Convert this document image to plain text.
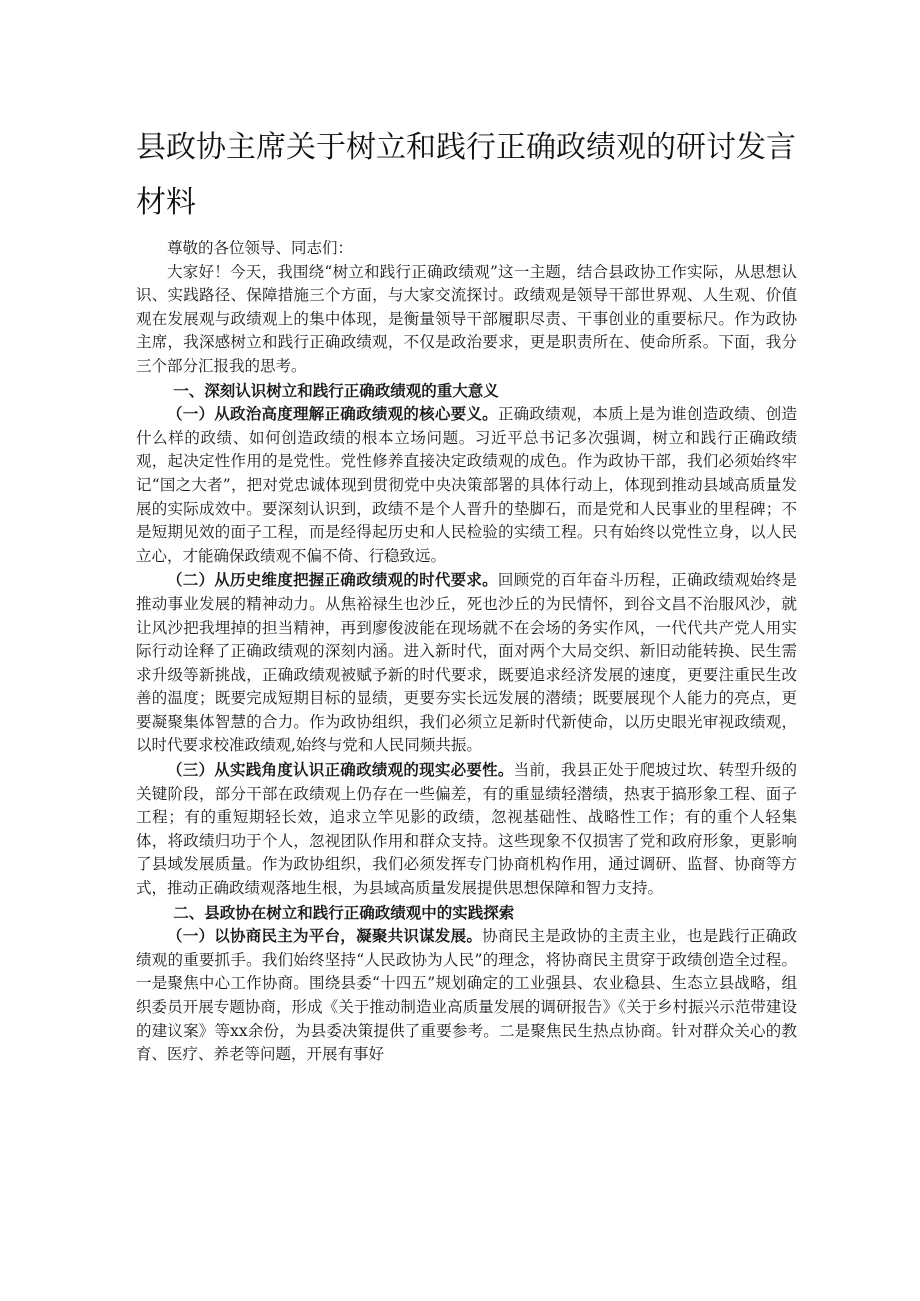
县政协主席关于树立和践行正确政绩观的研讨发言材料

尊敬的各位领导、同志们：

大家好！今天，我围绕“树立和践行正确政绩观”这一主题，结合县政协工作实际，从思想认识、实践路径、保障措施三个方面，与大家交流探讨。政绩观是领导干部世界观、人生观、价值观在发展观与政绩观上的集中体现，是衡量领导干部履职尽责、干事创业的重要标尺。作为政协主席，我深感树立和践行正确政绩观，不仅是政治要求，更是职责所在、使命所系。下面，我分三个部分汇报我的思考。

一、深刻认识树立和践行正确政绩观的重大意义

（一）从政治高度理解正确政绩观的核心要义。正确政绩观，本质上是为谁创造政绩、创造什么样的政绩、如何创造政绩的根本立场问题。习近平总书记多次强调，树立和践行正确政绩观，起决定性作用的是党性。党性修养直接决定政绩观的成色。作为政协干部，我们必须始终牢记“国之大者”，把对党忠诚体现到贯彻党中央决策部署的具体行动上，体现到推动县域高质量发展的实际成效中。要深刻认识到，政绩不是个人晋升的垫脚石，而是党和人民事业的里程碑；不是短期见效的面子工程，而是经得起历史和人民检验的实绩工程。只有始终以党性立身，以人民立心，才能确保政绩观不偏不倚、行稳致远。

（二）从历史维度把握正确政绩观的时代要求。回顾党的百年奋斗历程，正确政绩观始终是推动事业发展的精神动力。从焦裕禄生也沙丘，死也沙丘的为民情怀，到谷文昌不治服风沙，就让风沙把我埋掉的担当精神，再到廖俊波能在现场就不在会场的务实作风，一代代共产党人用实际行动诠释了正确政绩观的深刻内涵。进入新时代，面对两个大局交织、新旧动能转换、民生需求升级等新挑战，正确政绩观被赋予新的时代要求，既要追求经济发展的速度，更要注重民生改善的温度；既要完成短期目标的显绩，更要夯实长远发展的潜绩；既要展现个人能力的亮点，更要凝聚集体智慧的合力。作为政协组织，我们必须立足新时代新使命，以历史眼光审视政绩观，以时代要求校准政绩观,始终与党和人民同频共振。

（三）从实践角度认识正确政绩观的现实必要性。当前，我县正处于爬坡过坎、转型升级的关键阶段，部分干部在政绩观上仍存在一些偏差，有的重显绩轻潜绩，热衷于搞形象工程、面子工程；有的重短期轻长效，追求立竿见影的政绩，忽视基础性、战略性工作；有的重个人轻集体，将政绩归功于个人，忽视团队作用和群众支持。这些现象不仅损害了党和政府形象，更影响了县域发展质量。作为政协组织，我们必须发挥专门协商机构作用，通过调研、监督、协商等方式，推动正确政绩观落地生根，为县域高质量发展提供思想保障和智力支持。

二、县政协在树立和践行正确政绩观中的实践探索

（一）以协商民主为平台，凝聚共识谋发展。协商民主是政协的主责主业，也是践行正确政绩观的重要抓手。我们始终坚持“人民政协为人民”的理念，将协商民主贯穿于政绩创造全过程。一是聚焦中心工作协商。围绕县委“十四五”规划确定的工业强县、农业稳县、生态立县战略，组织委员开展专题协商，形成《关于推动制造业高质量发展的调研报告》《关于乡村振兴示范带建设的建议案》等xx余份，为县委决策提供了重要参考。二是聚焦民生热点协商。针对群众关心的教育、医疗、养老等问题，开展有事好
